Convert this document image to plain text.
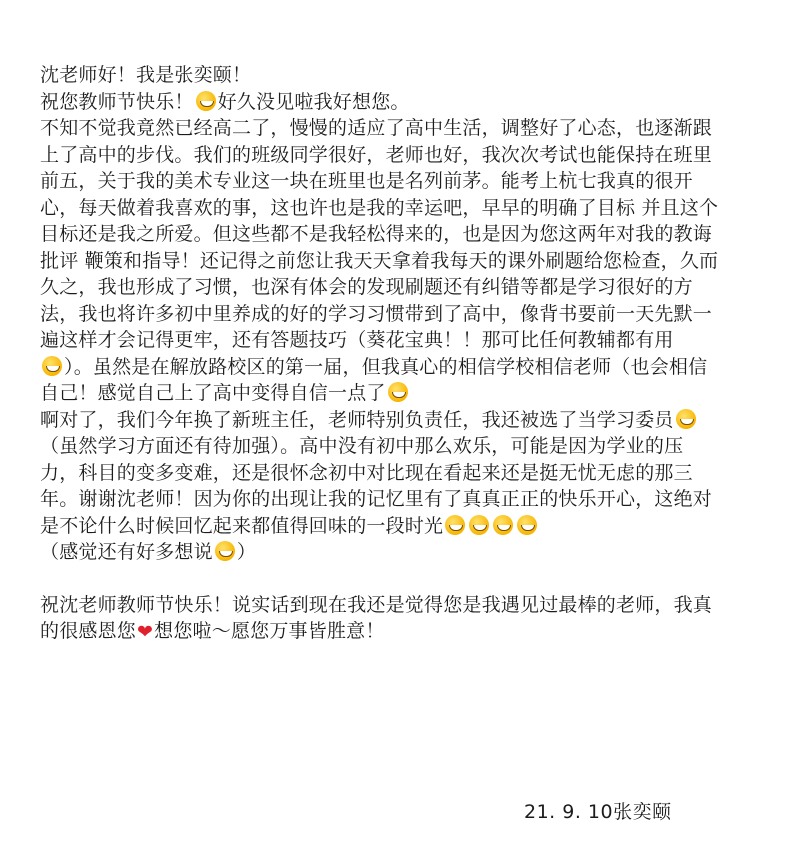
沈老师好！我是张奕颐！
祝您教师节快乐！ 好久没见啦我好想您。
不知不觉我竟然已经高二了，慢慢的适应了高中生活，调整好了心态，也逐渐跟
上了高中的步伐。我们的班级同学很好，老师也好，我次次考试也能保持在班里
前五，关于我的美术专业这一块在班里也是名列前茅。能考上杭七我真的很开
心，每天做着我喜欢的事，这也许也是我的幸运吧，早早的明确了目标 并且这个
目标还是我之所爱。但这些都不是我轻松得来的，也是因为您这两年对我的教诲
批评 鞭策和指导！还记得之前您让我天天拿着我每天的课外刷题给您检查，久而
久之，我也形成了习惯，也深有体会的发现刷题还有纠错等都是学习很好的方
法，我也将许多初中里养成的好的学习习惯带到了高中，像背书要前一天先默一
遍这样才会记得更牢，还有答题技巧（葵花宝典！！那可比任何教辅都有用
）。虽然是在解放路校区的第一届，但我真心的相信学校相信老师（也会相信
自己！感觉自己上了高中变得自信一点了
啊对了，我们今年换了新班主任，老师特别负责任，我还被选了当学习委员
（虽然学习方面还有待加强）。高中没有初中那么欢乐，可能是因为学业的压
力，科目的变多变难，还是很怀念初中对比现在看起来还是挺无忧无虑的那三
年。谢谢沈老师！因为你的出现让我的记忆里有了真真正正的快乐开心，这绝对
是不论什么时候回忆起来都值得回味的一段时光
（感觉还有好多想说 ）
祝沈老师教师节快乐！说实话到现在我还是觉得您是我遇见过最棒的老师，我真
的很感恩您❤想您啦～愿您万事皆胜意！

21. 9. 10张奕颐
